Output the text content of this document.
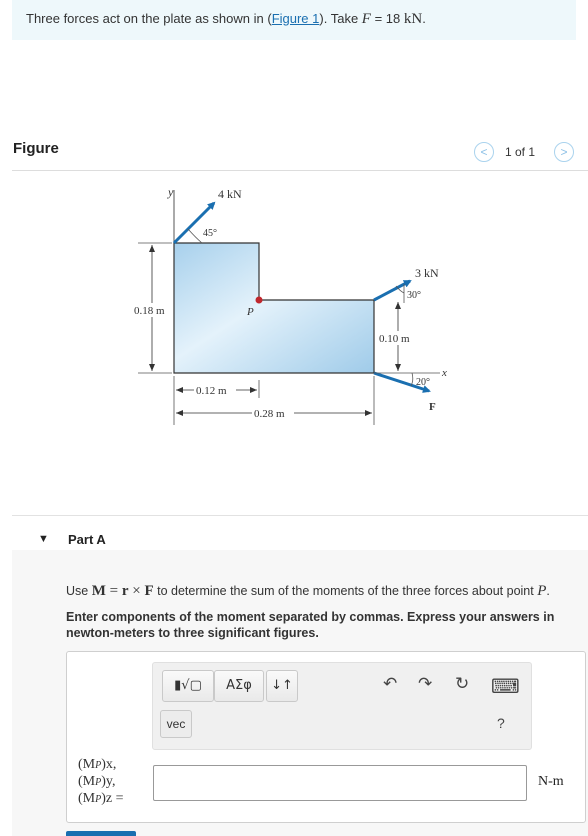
Three forces act on the plate as shown in (Figure 1). Take F = 18 kN.
Figure	<	1 of 1	>
y
P
4 kN
45°
3 kN
30°
F
x
20°
0.18 m
0.10 m
0.12 m
0.28 m
▼ Part A
Use M = r × F to determine the sum of the moments of the three forces about point P.
Enter components of the moment separated by commas. Express your answers in newton-meters to three significant figures.
▮√▢	ΑΣφ	↓↑	↶ ↷ ↻ ⌨
?
vec
(MP)x,
(MP)y,
(MP)z =
N-m
